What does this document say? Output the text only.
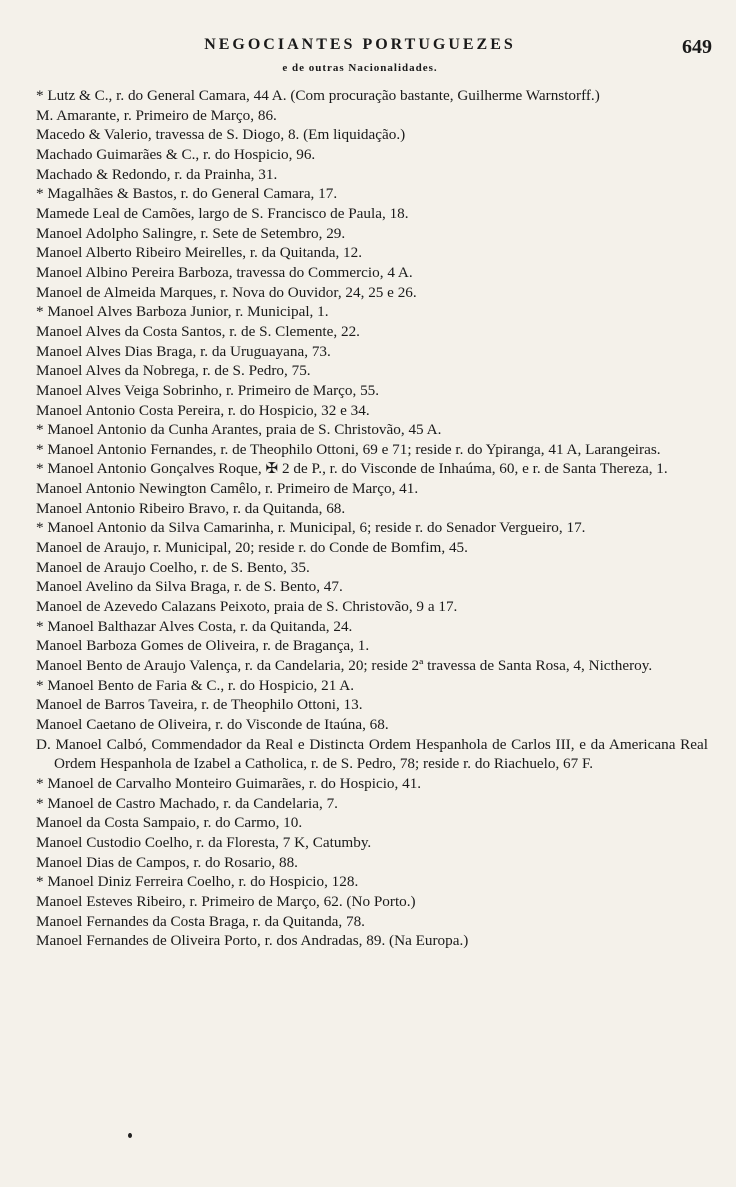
NEGOCIANTES PORTUGUEZES
e de outras Nacionalidades.
649

* Lutz & C., r. do General Camara, 44 A. (Com procuração bastante, Guilherme Warnstorff.)

M. Amarante, r. Primeiro de Março, 86.

Macedo & Valerio, travessa de S. Diogo, 8. (Em liquidação.)

Machado Guimarães & C., r. do Hospicio, 96.

Machado & Redondo, r. da Prainha, 31.

* Magalhães & Bastos, r. do General Camara, 17.

Mamede Leal de Camões, largo de S. Francisco de Paula, 18.

Manoel Adolpho Salingre, r. Sete de Setembro, 29.

Manoel Alberto Ribeiro Meirelles, r. da Quitanda, 12.

Manoel Albino Pereira Barboza, travessa do Commercio, 4 A.

Manoel de Almeida Marques, r. Nova do Ouvidor, 24, 25 e 26.

* Manoel Alves Barboza Junior, r. Municipal, 1.

Manoel Alves da Costa Santos, r. de S. Clemente, 22.

Manoel Alves Dias Braga, r. da Uruguayana, 73.

Manoel Alves da Nobrega, r. de S. Pedro, 75.

Manoel Alves Veiga Sobrinho, r. Primeiro de Março, 55.

Manoel Antonio Costa Pereira, r. do Hospicio, 32 e 34.

* Manoel Antonio da Cunha Arantes, praia de S. Christovão, 45 A.

* Manoel Antonio Fernandes, r. de Theophilo Ottoni, 69 e 71; reside r. do Ypiranga, 41 A, Larangeiras.

* Manoel Antonio Gonçalves Roque, ✠ 2 de P., r. do Visconde de Inhaúma, 60, e r. de Santa Thereza, 1.

Manoel Antonio Newington Camêlo, r. Primeiro de Março, 41.

Manoel Antonio Ribeiro Bravo, r. da Quitanda, 68.

* Manoel Antonio da Silva Camarinha, r. Municipal, 6; reside r. do Senador Vergueiro, 17.

Manoel de Araujo, r. Municipal, 20; reside r. do Conde de Bomfim, 45.

Manoel de Araujo Coelho, r. de S. Bento, 35.

Manoel Avelino da Silva Braga, r. de S. Bento, 47.

Manoel de Azevedo Calazans Peixoto, praia de S. Christovão, 9 a 17.

* Manoel Balthazar Alves Costa, r. da Quitanda, 24.

Manoel Barboza Gomes de Oliveira, r. de Bragança, 1.

Manoel Bento de Araujo Valença, r. da Candelaria, 20; reside 2ª travessa de Santa Rosa, 4, Nictheroy.

* Manoel Bento de Faria & C., r. do Hospicio, 21 A.

Manoel de Barros Taveira, r. de Theophilo Ottoni, 13.

Manoel Caetano de Oliveira, r. do Visconde de Itaúna, 68.

D. Manoel Calbó, Commendador da Real e Distincta Ordem Hespanhola de Carlos III, e da Americana Real Ordem Hespanhola de Izabel a Catholica, r. de S. Pedro, 78; reside r. do Riachuelo, 67 F.

* Manoel de Carvalho Monteiro Guimarães, r. do Hospicio, 41.

* Manoel de Castro Machado, r. da Candelaria, 7.

Manoel da Costa Sampaio, r. do Carmo, 10.

Manoel Custodio Coelho, r. da Floresta, 7 K, Catumby.

Manoel Dias de Campos, r. do Rosario, 88.

* Manoel Diniz Ferreira Coelho, r. do Hospicio, 128.

Manoel Esteves Ribeiro, r. Primeiro de Março, 62. (No Porto.)

Manoel Fernandes da Costa Braga, r. da Quitanda, 78.

Manoel Fernandes de Oliveira Porto, r. dos Andradas, 89. (Na Europa.)
